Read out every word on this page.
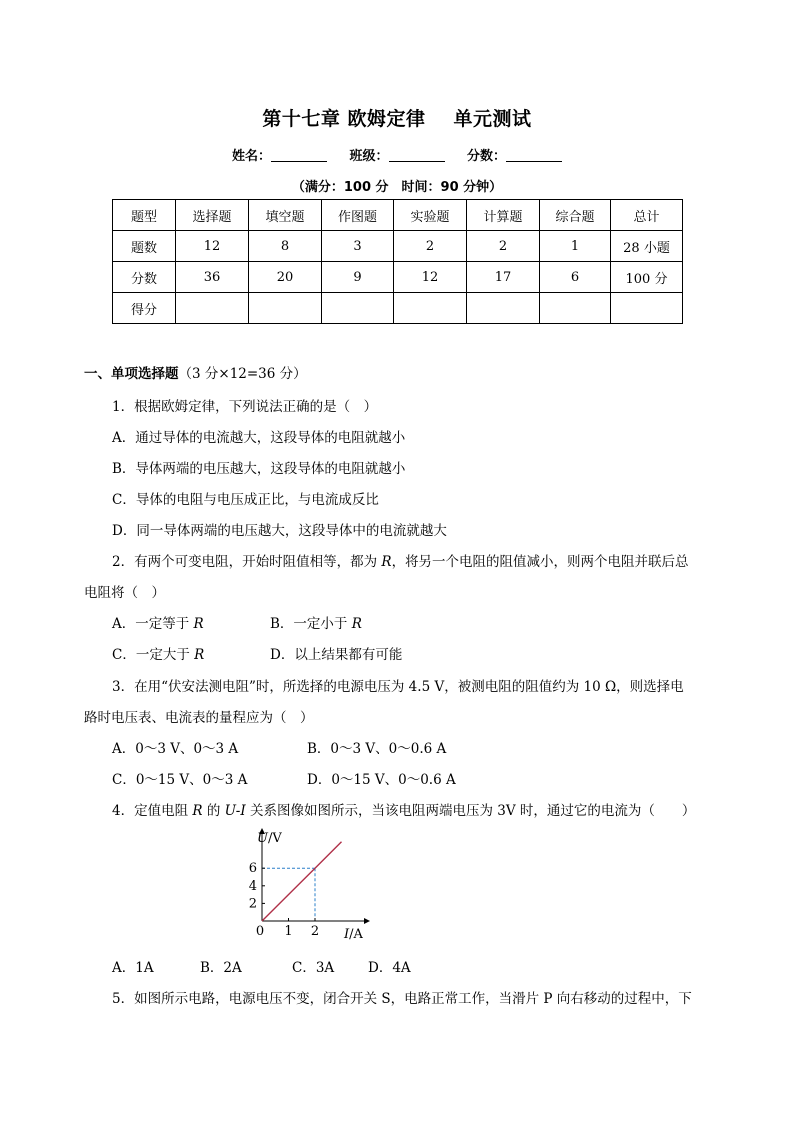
第十七章 欧姆定律 单元测试
姓名：	班级：	分数：
（满分：100 分　时间：90 分钟）
题型	选择题	填空题	作图题	实验题	计算题	综合题	总计
题数	12	8	3	2	2	1	28 小题
分数	36	20	9	12	17	6	100 分
得分							
一、单项选择题（3 分×12=36 分）
1．根据欧姆定律，下列说法正确的是（　）
A．通过导体的电流越大，这段导体的电阻就越小
B．导体两端的电压越大，这段导体的电阻就越小
C．导体的电阻与电压成正比，与电流成反比
D．同一导体两端的电压越大，这段导体中的电流就越大
2．有两个可变电阻，开始时阻值相等，都为 R，将另一个电阻的阻值减小，则两个电阻并联后总
电阻将（　）
A．一定等于 R	B．一定小于 R
C．一定大于 R	D．以上结果都有可能
3．在用“伏安法测电阻”时，所选择的电源电压为 4.5 V，被测电阻的阻值约为 10 Ω，则选择电
路时电压表、电流表的量程应为（　）
A．0～3 V、0～3 A	B．0～3 V、0～0.6 A
C．0～15 V、0～3 A	D．0～15 V、0～0.6 A
4．定值电阻 R 的 U-I 关系图像如图所示，当该电阻两端电压为 3V 时，通过它的电流为（　　）
0 1 2
2
4
6
U/V
I/A
A．1A	B．2A	C．3A	D．4A
5．如图所示电路，电源电压不变，闭合开关 S，电路正常工作，当滑片 P 向右移动的过程中，下
